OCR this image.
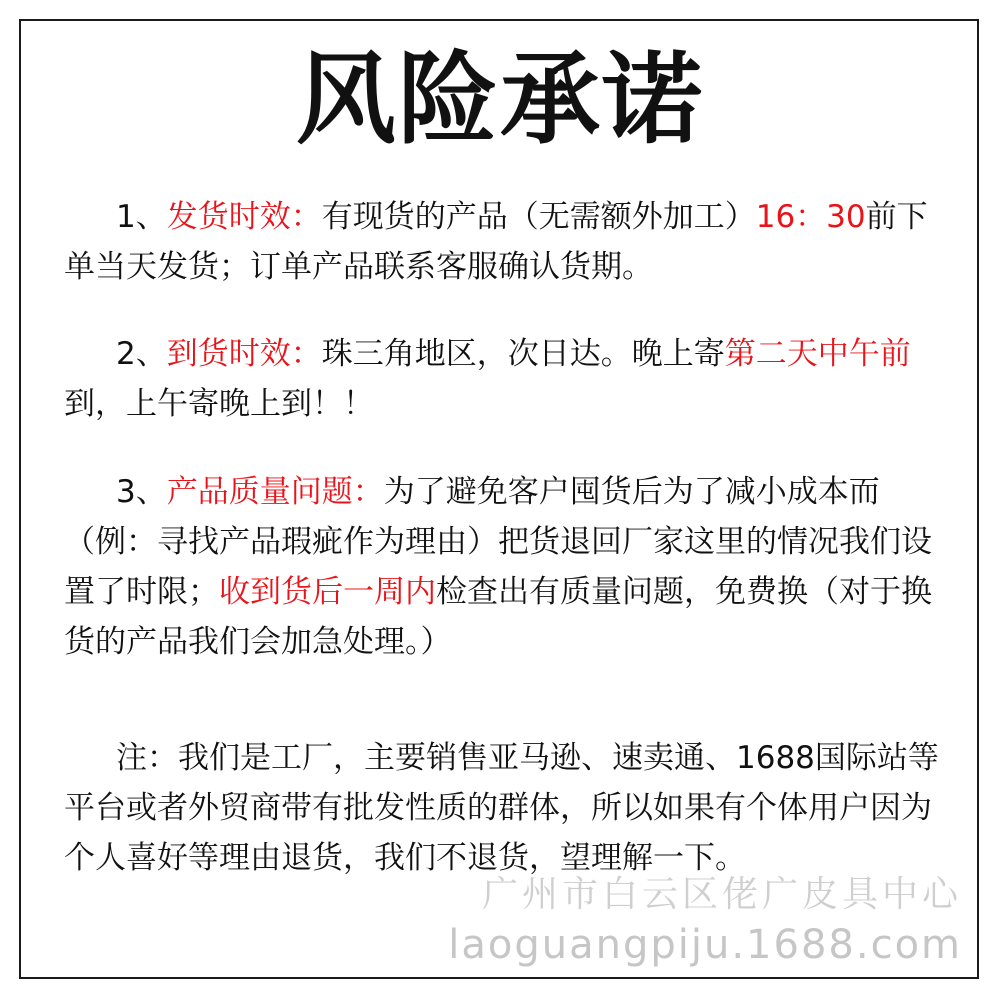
风险承诺
1、发货时效：有现货的产品（无需额外加工）16：30前下单当天发货；订单产品联系客服确认货期。
2、到货时效：珠三角地区，次日达。晚上寄第二天中午前到，上午寄晚上到！！
3、产品质量问题：为了避免客户囤货后为了减小成本而（例：寻找产品瑕疵作为理由）把货退回厂家这里的情况我们设置了时限；收到货后一周内检查出有质量问题，免费换（对于换货的产品我们会加急处理。）
注：我们是工厂，主要销售亚马逊、速卖通、1688国际站等平台或者外贸商带有批发性质的群体，所以如果有个体用户因为个人喜好等理由退货，我们不退货，望理解一下。
广州市白云区佬广皮具中心
laoguangpiju.1688.com
